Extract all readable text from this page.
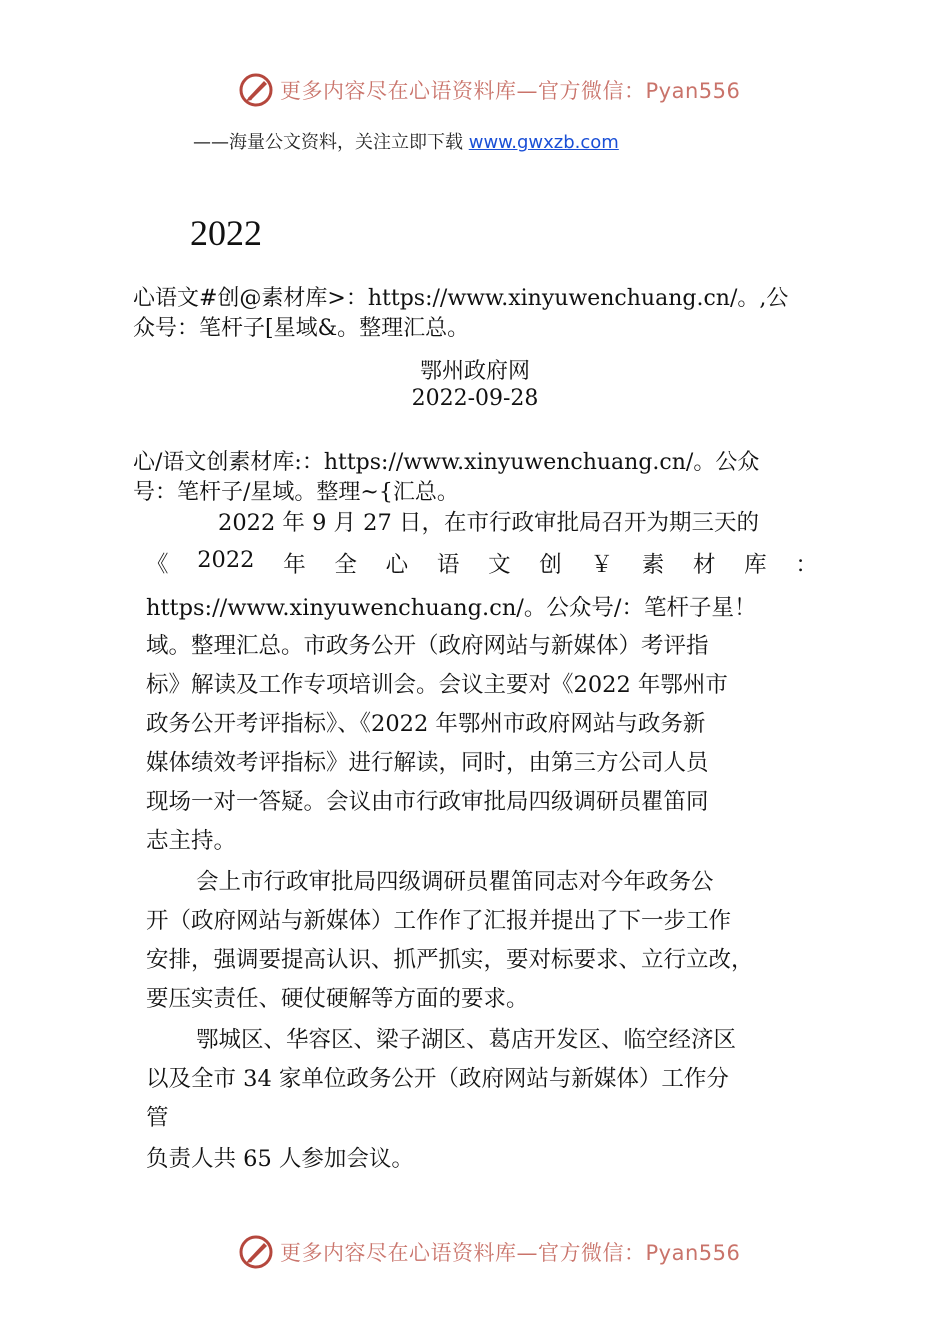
更多内容尽在心语资料库—官方微信：Pyan556
——海量公文资料，关注立即下载 www.gwxzb.com
2022
心语文#创@素材库>：https://www.xinyuwenchuang.cn/。,公
众号：笔杆子[星域&。整理汇总。
鄂州政府网
2022-09-28
心/语文创素材库:：https://www.xinyuwenchuang.cn/。公众
号：笔杆子/星域。整理~{汇总。
2022 年 9 月 27 日，在市行政审批局召开为期三天的
《 2022 年 全 心 语 文 创 ￥ 素 材 库 ：
https://www.xinyuwenchuang.cn/。公众号/：笔杆子星！
域。整理汇总。市政务公开（政府网站与新媒体）考评指
标》解读及工作专项培训会。会议主要对《2022 年鄂州市
政务公开考评指标》、《2022 年鄂州市政府网站与政务新
媒体绩效考评指标》进行解读，同时，由第三方公司人员
现场一对一答疑。会议由市行政审批局四级调研员瞿笛同
志主持。
会上市行政审批局四级调研员瞿笛同志对今年政务公
开（政府网站与新媒体）工作作了汇报并提出了下一步工作
安排，强调要提高认识、抓严抓实，要对标要求、立行立改，
要压实责任、硬仗硬解等方面的要求。
鄂城区、华容区、梁子湖区、葛店开发区、临空经济区
以及全市 34 家单位政务公开（政府网站与新媒体）工作分
管
负责人共 65 人参加会议。
更多内容尽在心语资料库—官方微信：Pyan556
